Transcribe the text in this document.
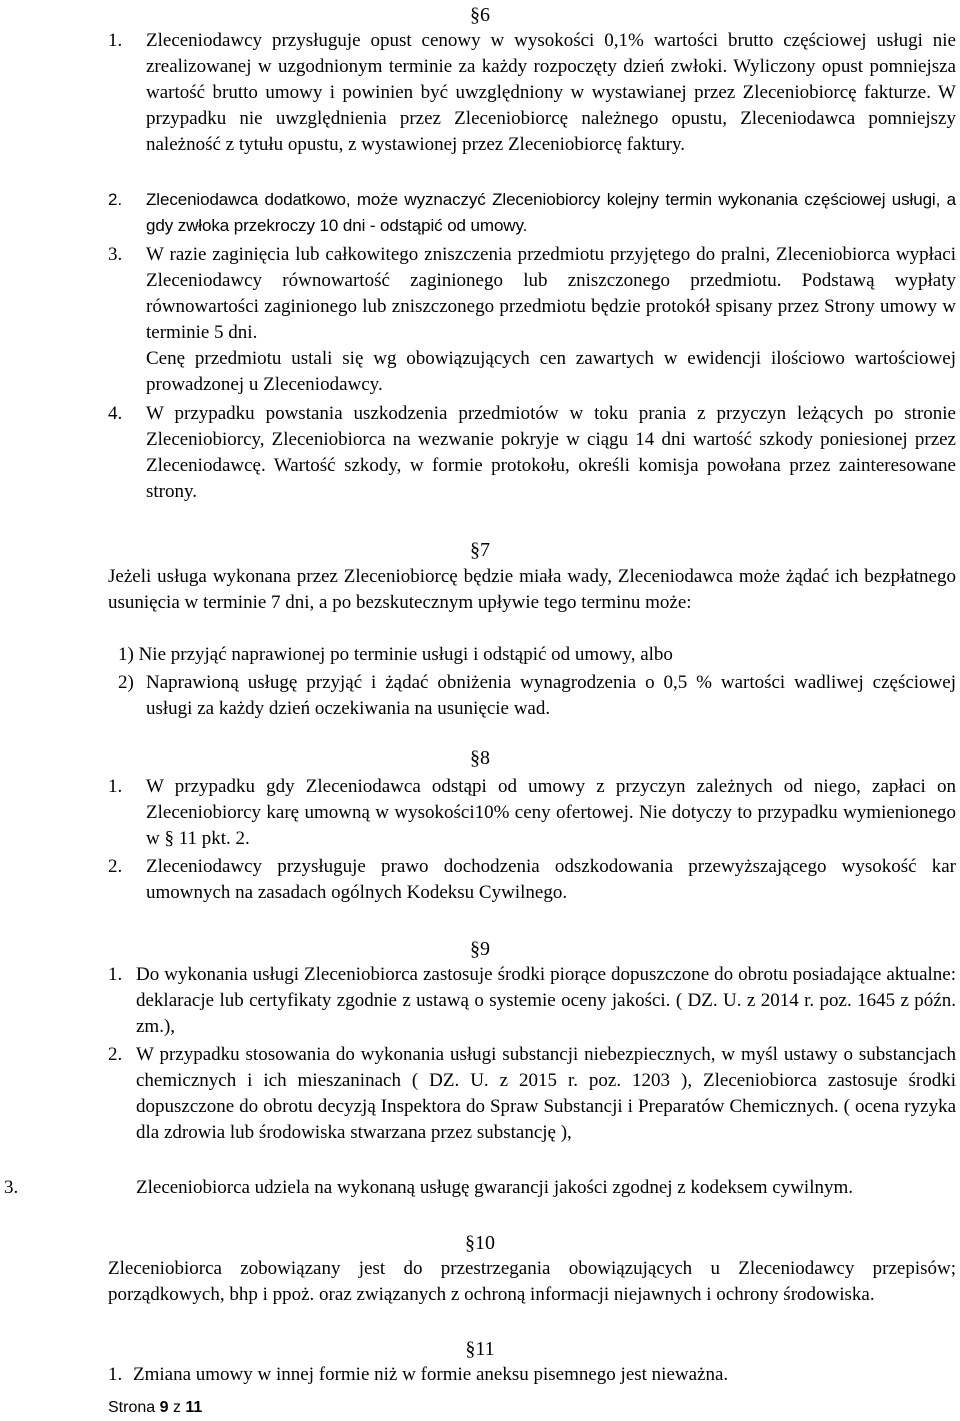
§6
1. Zleceniodawcy przysługuje opust cenowy w wysokości 0,1% wartości brutto częściowej usługi nie zrealizowanej w uzgodnionym terminie za każdy rozpoczęty dzień zwłoki. Wyliczony opust pomniejsza wartość brutto umowy i powinien być uwzględniony w wystawianej przez Zleceniobiorcę fakturze. W przypadku nie uwzględnienia przez Zleceniobiorcę należnego opustu, Zleceniodawca pomniejszy należność z tytułu opustu, z wystawionej przez Zleceniobiorcę faktury.
2. Zleceniodawca dodatkowo, może wyznaczyć Zleceniobiorcy kolejny termin wykonania częściowej usługi, a gdy zwłoka przekroczy 10 dni - odstąpić od umowy.
3. W razie zaginięcia lub całkowitego zniszczenia przedmiotu przyjętego do pralni, Zleceniobiorca wypłaci Zleceniodawcy równowartość zaginionego lub zniszczonego przedmiotu. Podstawą wypłaty równowartości zaginionego lub zniszczonego przedmiotu będzie protokół spisany przez Strony umowy w terminie 5 dni.
Cenę przedmiotu ustali się wg obowiązujących cen zawartych w ewidencji ilościowo wartościowej prowadzonej u Zleceniodawcy.
4. W przypadku powstania uszkodzenia przedmiotów w toku prania z przyczyn leżących po stronie Zleceniobiorcy, Zleceniobiorca na wezwanie pokryje w ciągu 14 dni wartość szkody poniesionej przez Zleceniodawcę. Wartość szkody, w formie protokołu, określi komisja powołana przez zainteresowane strony.
§7
Jeżeli usługa wykonana przez Zleceniobiorcę będzie miała wady, Zleceniodawca może żądać ich bezpłatnego usunięcia w terminie 7 dni, a po bezskutecznym upływie tego terminu może:
1) Nie przyjąć naprawionej po terminie usługi i odstąpić od umowy, albo
2) Naprawioną usługę przyjąć i żądać obniżenia wynagrodzenia o 0,5 % wartości wadliwej częściowej usługi za każdy dzień oczekiwania na usunięcie wad.
§8
1. W przypadku gdy Zleceniodawca odstąpi od umowy z przyczyn zależnych od niego, zapłaci on Zleceniobiorcy karę umowną w wysokości10% ceny ofertowej. Nie dotyczy to przypadku wymienionego w § 11 pkt. 2.
2. Zleceniodawcy przysługuje prawo dochodzenia odszkodowania przewyższającego wysokość kar umownych na zasadach ogólnych Kodeksu Cywilnego.
§9
1. Do wykonania usługi Zleceniobiorca zastosuje środki piorące dopuszczone do obrotu posiadające aktualne: deklaracje lub certyfikaty zgodnie z ustawą o systemie oceny jakości. ( DZ. U. z 2014 r. poz. 1645 z późn. zm.),
2. W przypadku stosowania do wykonania usługi substancji niebezpiecznych, w myśl ustawy o substancjach chemicznych i ich mieszaninach ( DZ. U. z 2015 r. poz. 1203 ), Zleceniobiorca zastosuje środki dopuszczone do obrotu decyzją Inspektora do Spraw Substancji i Preparatów Chemicznych. ( ocena ryzyka dla zdrowia lub środowiska stwarzana przez substancję ),
3.	Zleceniobiorca udziela na wykonaną usługę gwarancji jakości zgodnej z kodeksem cywilnym.
§10
Zleceniobiorca zobowiązany jest do przestrzegania obowiązujących u Zleceniodawcy przepisów; porządkowych, bhp i ppoż. oraz związanych z ochroną informacji niejawnych i ochrony środowiska.
§11
1. Zmiana umowy w innej formie niż w formie aneksu pisemnego jest nieważna.
Strona 9 z 11
